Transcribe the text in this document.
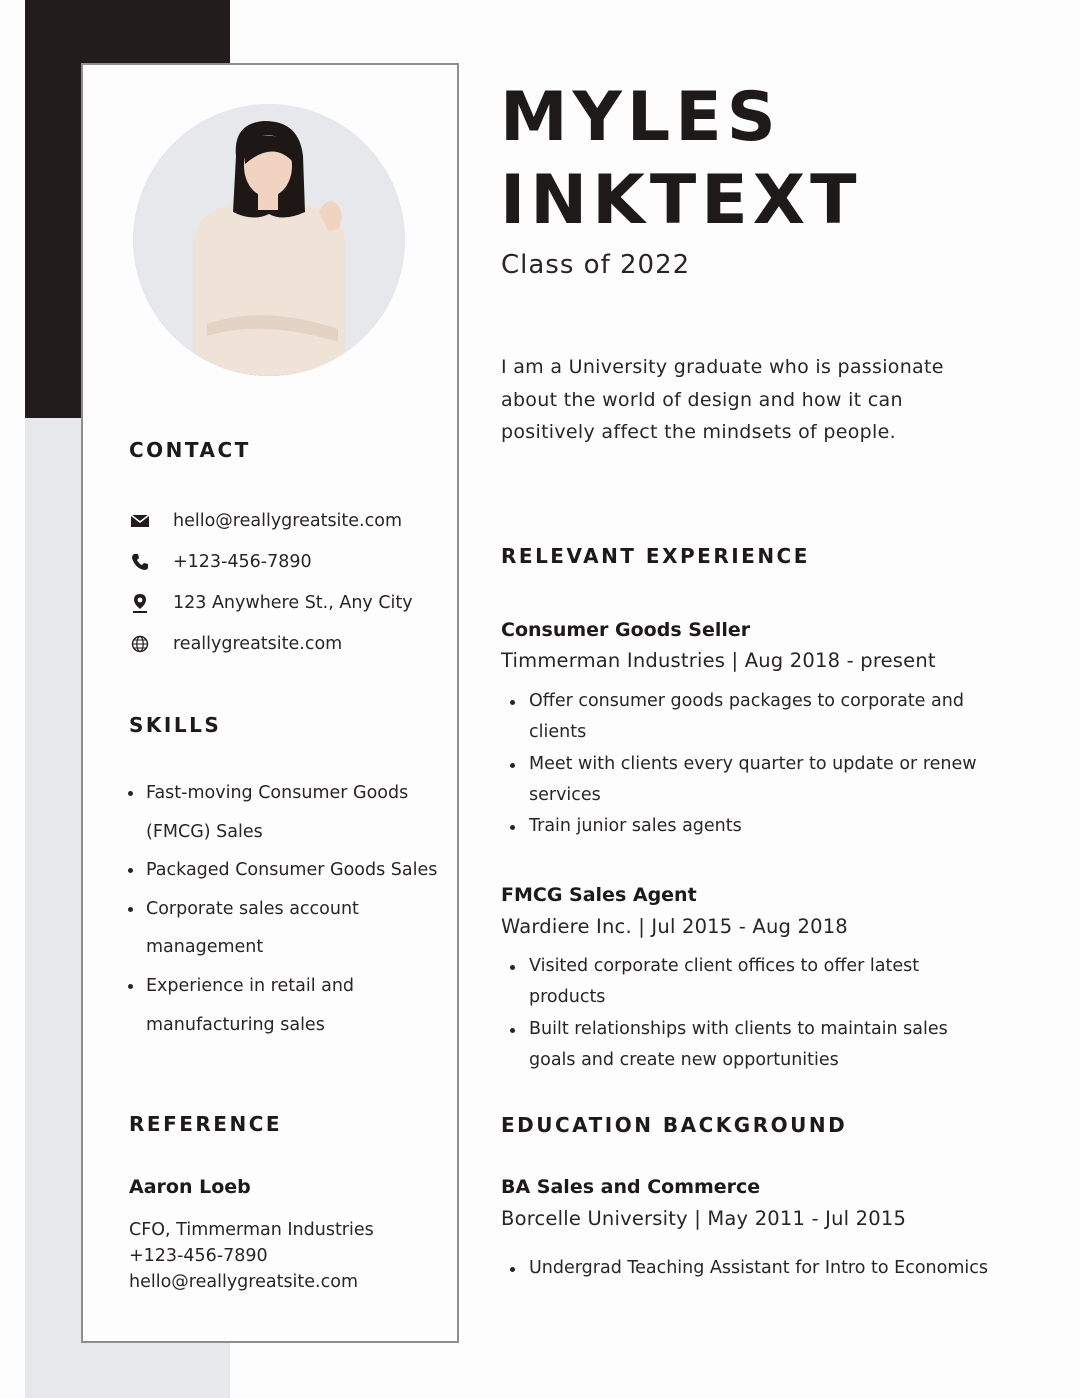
CONTACT
hello@reallygreatsite.com
+123-456-7890
123 Anywhere St., Any City
reallygreatsite.com
SKILLS
Fast-moving Consumer Goods (FMCG) Sales
Packaged Consumer Goods Sales
Corporate sales account management
Experience in retail and manufacturing sales
REFERENCE
Aaron Loeb
CFO, Timmerman Industries
+123-456-7890
hello@reallygreatsite.com
MYLES
INKTEXT
Class of 2022

I am a University graduate who is passionate about the world of design and how it can positively affect the mindsets of people.

RELEVANT EXPERIENCE
Consumer Goods Seller
Timmerman Industries | Aug 2018 - present
Offer consumer goods packages to corporate and clients
Meet with clients every quarter to update or renew services
Train junior sales agents
FMCG Sales Agent
Wardiere Inc. | Jul 2015 - Aug 2018
Visited corporate client offices to offer latest products
Built relationships with clients to maintain sales goals and create new opportunities
EDUCATION BACKGROUND
BA Sales and Commerce
Borcelle University | May 2011 - Jul 2015
Undergrad Teaching Assistant for Intro to Economics
